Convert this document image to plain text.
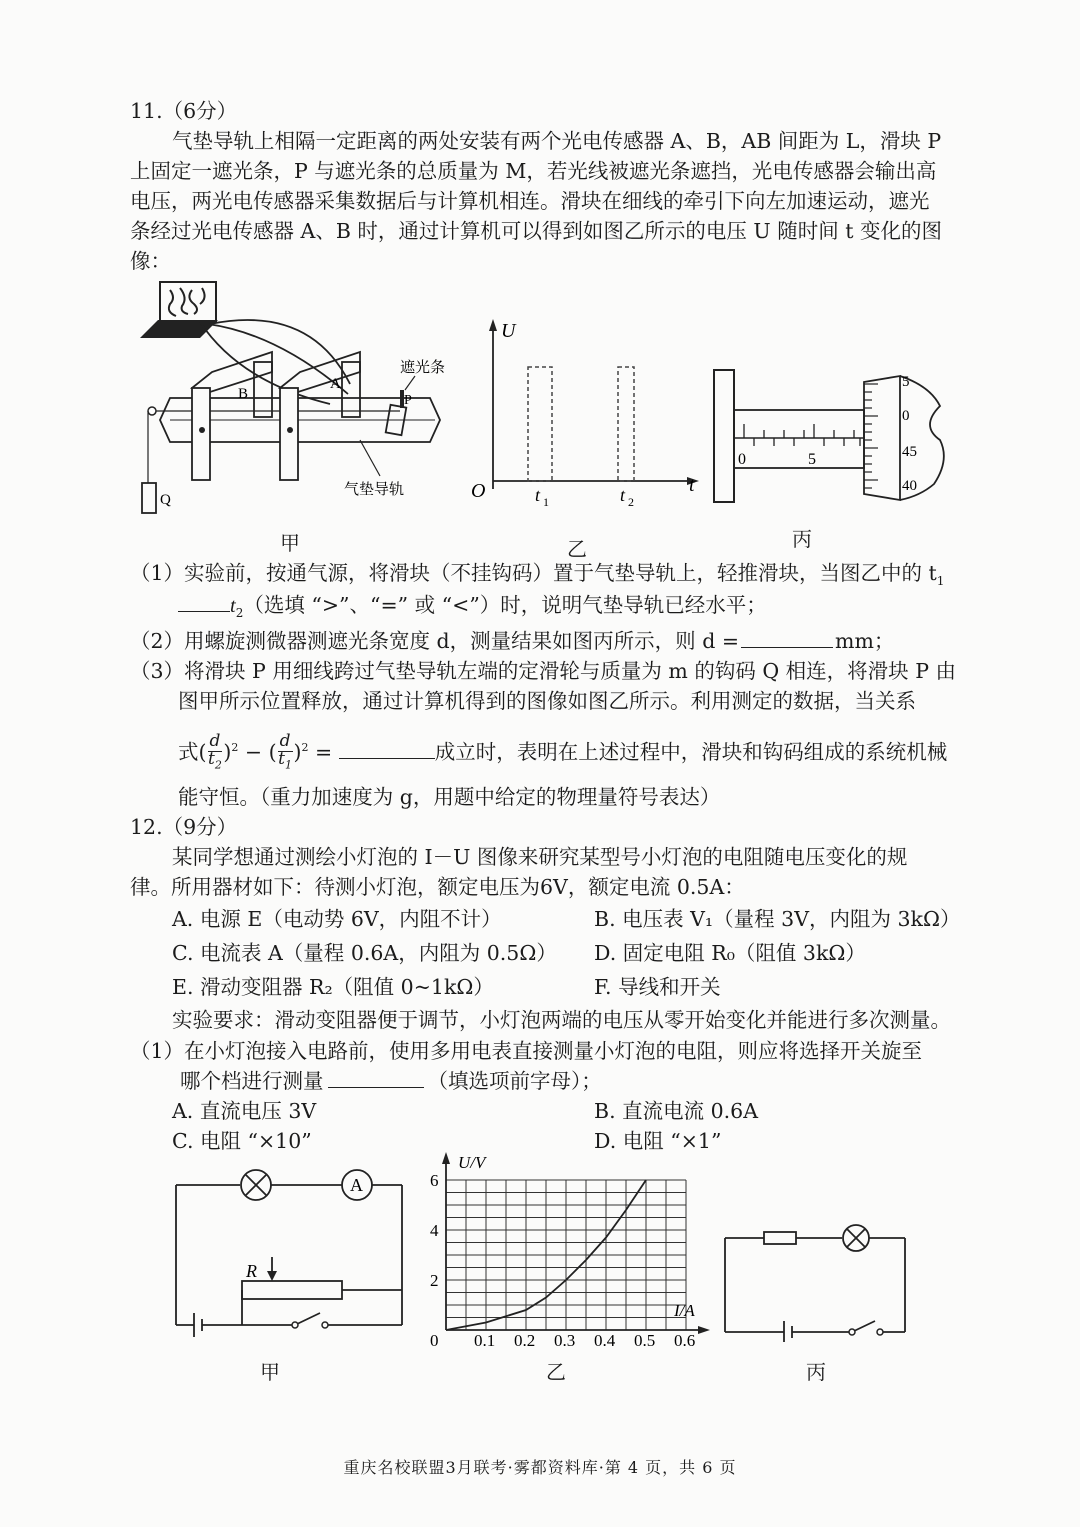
11.（6分）
气垫导轨上相隔一定距离的两处安装有两个光电传感器 A、B，AB 间距为 L，滑块 P
上固定一遮光条，P 与遮光条的总质量为 M，若光线被遮光条遮挡，光电传感器会输出高
电压，两光电传感器采集数据后与计算机相连。滑块在细线的牵引下向左加速运动，遮光
条经过光电传感器 A、B 时，通过计算机可以得到如图乙所示的电压 U 随时间 t 变化的图
像：
Q
B
A
P
遮光条
气垫导轨
U
t
O	t 1	t 2
0	5
5
0
45
40
甲	乙	丙
（1）实验前，按通气源，将滑块（不挂钩码）置于气垫导轨上，轻推滑块，当图乙中的 $t_1$
$t_2$（选填 “>”、“=” 或 “<”）时，说明气垫导轨已经水平；
（2）用螺旋测微器测遮光条宽度 d，测量结果如图丙所示，则 d =	mm；
（3）将滑块 P 用细线跨过气垫导轨左端的定滑轮与质量为 m 的钩码 Q 相连，将滑块 P 由
图甲所示位置释放，通过计算机得到的图像如图乙所示。利用测定的数据，当关系
式$(\frac{d}{t_2})^2 - (\frac{d}{t_1})^2$ =	成立时，表明在上述过程中，滑块和钩码组成的系统机械
能守恒。（重力加速度为 g，用题中给定的物理量符号表达）
12.（9分）
某同学想通过测绘小灯泡的 I－U 图像来研究某型号小灯泡的电阻随电压变化的规
律。所用器材如下：待测小灯泡，额定电压为6V，额定电流 0.5A：
A. 电源 E（电动势 6V，内阻不计）	B. 电压表 V₁（量程 3V，内阻为 3kΩ）
C. 电流表 A（量程 0.6A，内阻为 0.5Ω） D. 固定电阻 R₀（阻值 3kΩ）
E. 滑动变阻器 R₂（阻值 0~1kΩ）	F. 导线和开关
实验要求：滑动变阻器便于调节，小灯泡两端的电压从零开始变化并能进行多次测量。
（1）在小灯泡接入电路前，使用多用电表直接测量小灯泡的电阻，则应将选择开关旋至
哪个档进行测量	（填选项前字母）；
A. 直流电压 3V	B. 直流电流 0.6A
C. 电阻 “×10”	D. 电阻 “×1”
A
R
U/V
I/A
0 0.1 0.2 0.3 0.4 0.5 0.6
2
4
6
甲	乙	丙
重庆名校联盟3月联考·雾都资料库·第 4 页，共 6 页
